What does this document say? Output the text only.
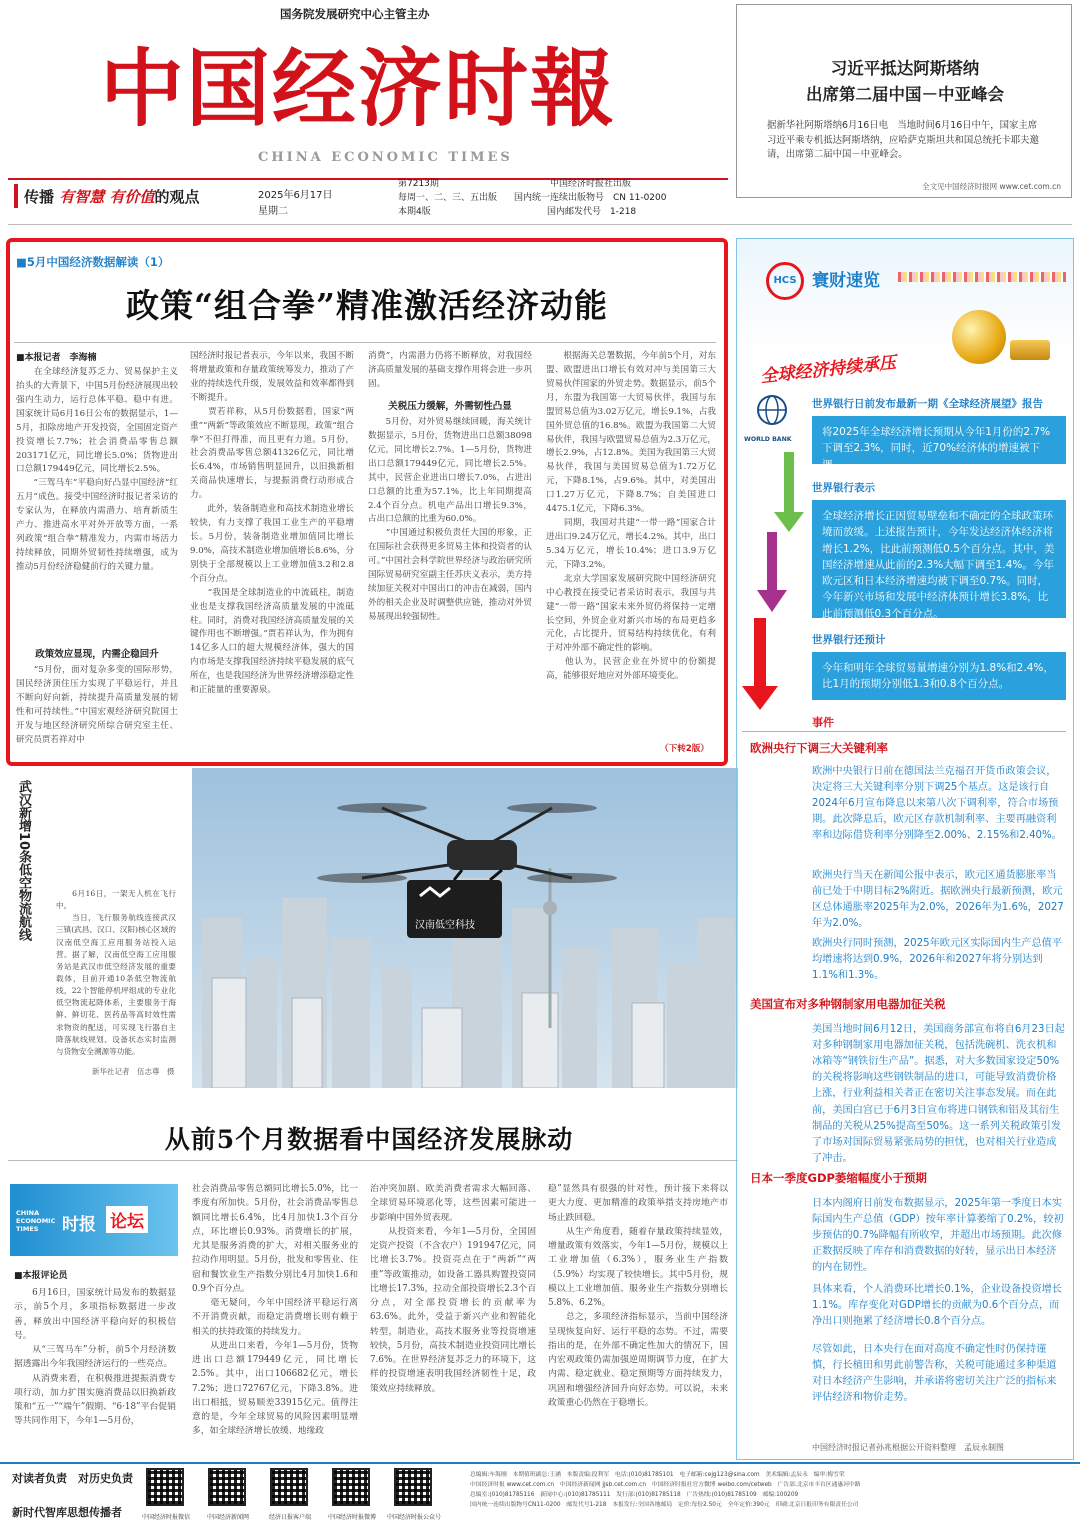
国务院发展研究中心主管主办
中国经济时報
CHINA ECONOMIC TIMES
习近平抵达阿斯塔纳
出席第二届中国－中亚峰会
据新华社阿斯塔纳6月16日电　当地时间6月16日中午，国家主席习近平乘专机抵达阿斯塔纳，应哈萨克斯坦共和国总统托卡耶夫邀请，出席第二届中国－中亚峰会。
全文见中国经济时报网 www.cet.com.cn
传播 有智慧 有价值的观点	2025年6月17日
星期二
第7213期
每周一、二、三、五出版
本期4版
中国经济时报社出版
国内统一连续出版物号　CN 11-0200
国内邮发代号　1-218
■5月中国经济数据解读（1）
政策“组合拳”精准激活经济动能
■本报记者　李海楠
　　在全球经济复苏乏力、贸易保护主义抬头的大背景下，中国5月份经济展现出较强内生动力，运行总体平稳、稳中有进。国家统计局6月16日公布的数据显示，1—5月，扣除房地产开发投资，全国固定资产投资增长7.7%；社会消费品零售总额203171亿元，同比增长5.0%；货物进出口总额179449亿元，同比增长2.5%。
　　“三驾马车”平稳向好凸显中国经济“红五月”成色。接受中国经济时报记者采访的专家认为，在释放内需潜力、培育新质生产力、推进高水平对外开放等方面，一系列政策“组合拳”精准发力，内需市场活力持续释放，同期外贸韧性持续增强，成为推动5月份经济稳健前行的关键力量。
政策效应显现，内需企稳回升
　　“5月份，面对复杂多变的国际形势，国民经济顶住压力实现了平稳运行，并且不断向好向新，持续提升高质量发展的韧性和可持续性。”中国宏观经济研究院国土开发与地区经济研究所综合研究室主任、研究员贾若祥对中
国经济时报记者表示，今年以来，我国不断将增量政策和存量政策统筹发力，推动了产业的持续迭代升级，发展效益和效率都得到不断提升。
　　贾若祥称，从5月份数据看，国家“两重”“两新”等政策效应不断显现，政策“组合拳”不但打得准，而且更有力道。5月份，社会消费品零售总额41326亿元，同比增长6.4%，市场销售明显回升，以旧换新相关商品快速增长，与提振消费行动形成合力。
　　此外，装备制造业和高技术制造业增长较快，有力支撑了我国工业生产的平稳增长。5月份，装备制造业增加值同比增长9.0%，高技术制造业增加值增长8.6%，分别快于全部规模以上工业增加值3.2和2.8个百分点。
　　“我国是全球制造业的中流砥柱，制造业也是支撑我国经济高质量发展的中流砥柱。同时，消费对我国经济高质量发展的关键作用也不断增强。”贾若祥认为，作为拥有14亿多人口的超大规模经济体，强大的国内市场是支撑我国经济持续平稳发展的底气所在，也是我国经济为世界经济增添稳定性和正能量的重要源泉。
消费”，内需潜力仍将不断释放，对我国经济高质量发展的基础支撑作用将会进一步巩固。
关税压力缓解，外需韧性凸显
　　5月份，对外贸易继续回暖，海关统计数据显示，5月份，货物进出口总额38098亿元，同比增长2.7%。1—5月份，货物进出口总额179449亿元，同比增长2.5%。其中，民营企业进出口增长7.0%，占进出口总额的比重为57.1%，比上年同期提高2.4个百分点。机电产品出口增长9.3%，占出口总额的比重为60.0%。
　　“中国通过积极负责任大国的形象，正在国际社会获得更多贸易主体和投资者的认可。”中国社会科学院世界经济与政治研究所国际贸易研究室副主任苏庆义表示，美方持续加征关税对中国出口的冲击在减弱，国内外的相关企业及时调整供应链，推动对外贸易展现出较强韧性。
　　根据海关总署数据，今年前5个月，对东盟、欧盟进出口增长有效对冲与美国第三大贸易伙伴国家的外贸走势。数据显示，前5个月，东盟为我国第一大贸易伙伴，我国与东盟贸易总值为3.02万亿元，增长9.1%，占我国外贸总值的16.8%。欧盟为我国第二大贸易伙伴，我国与欧盟贸易总值为2.3万亿元，增长2.9%，占12.8%。美国为我国第三大贸易伙伴，我国与美国贸易总值为1.72万亿元，下降8.1%，占9.6%。其中，对美国出口1.27万亿元，下降8.7%；自美国进口4475.1亿元，下降6.3%。
　　同期，我国对共建“一带一路”国家合计进出口9.24万亿元，增长4.2%。其中，出口5.34万亿元，增长10.4%；进口3.9万亿元，下降3.2%。
　　北京大学国家发展研究院中国经济研究中心教授在接受记者采访时表示，我国与共建“一带一路”国家未来外贸仍将保持一定增长空间，外贸企业对新兴市场的布局更趋多元化，占比提升，贸易结构持续优化，有利于对冲外部不确定性的影响。
　　他认为，民营企业在外贸中的份额提高，能够很好地应对外部环境变化。
（下转2版）
武汉新增10条低空物流航线	　　6月16日，一架无人机在飞行中。
　　当日，飞行服务航线连接武汉三镇(武昌、汉口、汉阳)核心区域的汉南低空海工应用服务站投入运营。据了解，汉南低空海工应用服务站是武汉市低空经济发展的重要载体，目前开通10条低空物流航线，22个智能停机坪组成的专业化低空物流起降体系，主要服务于海鲜、鲜切花、医药品等高时效性需求物资的配送，可实现飞行器自主降落航线规划、设备状态实时监测与货物安全溯源等功能。
新华社记者　伍志尊　摄
汉南低空科技
从前5个月数据看中国经济发展脉动
CHINA ECONOMIC TIMES	时报 论坛
■本报评论员
　　6月16日，国家统计局发布的数据显示，前5个月，多项指标数据进一步改善，释放出中国经济平稳向好的积极信号。
　　从“三驾马车”分析，前5个月经济数据透露出今年我国经济运行的一些亮点。
　　从消费来看，在积极推进提振消费专项行动，加力扩围实施消费品以旧换新政策和“五一”“端午”假期、“6·18”平台促销等共同作用下，今年1—5月份，
社会消费品零售总额同比增长5.0%，比一季度有所加快。5月份，社会消费品零售总额同比增长6.4%，比4月加快1.3个百分点，环比增长0.93%。消费增长的扩展，尤其是服务消费的扩大，对相关服务业的拉动作用明显。5月份，批发和零售业、住宿和餐饮业生产指数分别比4月加快1.6和0.9个百分点。
　　毫无疑问，今年中国经济平稳运行离不开消费贡献，而稳定消费增长则有赖于相关的扶持政策的持续发力。
　　从进出口来看，今年1—5月份，货物进出口总额179449亿元，同比增长2.5%。其中，出口106682亿元，增长7.2%；进口72767亿元，下降3.8%。进出口相抵，贸易顺差33915亿元。值得注意的是，今年全球贸易的风险因素明显增多，如全球经济增长放缓、地缘政
治冲突加剧、欧美消费者需求大幅回落、全球贸易环境恶化等，这些因素可能进一步影响中国外贸表现。
　　从投资来看，今年1—5月份，全国固定资产投资（不含农户）191947亿元，同比增长3.7%。投资亮点在于“两新”“两重”等政策推动，如设备工器具购置投资同比增长17.3%，拉动全部投资增长2.3个百分点，对全部投资增长的贡献率为63.6%。此外，受益于新兴产业和智能化转型，制造业，高技术服务业等投资增速较快，5月份，高技术制造业投资同比增长7.6%。在世界经济复苏乏力的环境下，这样的投资增速表明我国经济韧性十足，政策效应持续释放。
稳”显然具有很强的针对性，预计接下来将以更大力度、更加精准的政策举措支持房地产市场止跌回稳。
　　从生产角度看，随着存量政策持续显效，增量政策有效落实，今年1—5月份，规模以上工业增加值（6.3%），服务业生产指数（5.9%）均实现了较快增长。其中5月份，规模以上工业增加值、服务业生产指数分别增长5.8%、6.2%。
　　总之，多项经济指标显示，当前中国经济呈现恢复向好、运行平稳的态势。不过，需要指出的是，在外部不确定性加大的情况下，国内宏观政策仍需加强逆周期调节力度，在扩大内需、稳定就业、稳定预期等方面持续发力，巩固和增强经济回升向好态势。可以说，未来政策重心仍然在于稳增长。
HCS 寰财速览
全球经济持续承压
WORLD BANK
世界银行日前发布最新一期《全球经济展望》报告
将2025年全球经济增长预期从今年1月份的2.7%下调至2.3%，同时，近70%经济体的增速被下调。
世界银行表示
全球经济增长正因贸易壁垒和不确定的全球政策环境而放缓。上述报告预计，今年发达经济体经济将增长1.2%，比此前预测低0.5个百分点。其中，美国经济增速从此前的2.3%大幅下调至1.4%。今年欧元区和日本经济增速均被下调至0.7%。同时，今年新兴市场和发展中经济体预计增长3.8%，比此前预测低0.3个百分点。
世界银行还预计
今年和明年全球贸易量增速分别为1.8%和2.4%，比1月的预期分别低1.3和0.8个百分点。
事件
欧洲央行下调三大关键利率
欧洲中央银行日前在德国法兰克福召开货币政策会议，决定将三大关键利率分别下调25个基点。这是该行自2024年6月宣布降息以来第八次下调利率，符合市场预期。此次降息后，欧元区存款机制利率、主要再融资利率和边际借贷利率分别降至2.00%、2.15%和2.40%。
欧洲央行当天在新闻公报中表示，欧元区通货膨胀率当前已处于中期目标2%附近。据欧洲央行最新预测，欧元区总体通胀率2025年为2.0%，2026年为1.6%，2027年为2.0%。
欧洲央行同时预测，2025年欧元区实际国内生产总值平均增速将达到0.9%，2026年和2027年将分别达到1.1%和1.3%。
美国宣布对多种钢制家用电器加征关税
美国当地时间6月12日，美国商务部宣布将自6月23日起对多种钢制家用电器加征关税，包括洗碗机、洗衣机和冰箱等“钢铁衍生产品”。据悉，对大多数国家设定50%的关税将影响这些钢铁制品的进口，可能导致消费价格上涨，行业利益相关者正在密切关注事态发展。而在此前，美国白宫已于6月3日宣布将进口钢铁和铝及其衍生制品的关税从25%提高至50%。这一系列关税政策引发了市场对国际贸易紧张局势的担忧，也对相关行业造成了冲击。
日本一季度GDP萎缩幅度小于预期
日本内阁府日前发布数据显示，2025年第一季度日本实际国内生产总值（GDP）按年率计算萎缩了0.2%，较初步预估的0.7%降幅有所收窄，并超出市场预期。此次修正数据反映了库存和消费数据的好转，显示出日本经济的内在韧性。
具体来看，个人消费环比增长0.1%，企业设备投资增长1.1%。库存变化对GDP增长的贡献为0.6个百分点，而净出口则拖累了经济增长0.8个百分点。
尽管如此，日本央行在面对高度不确定性时仍保持谨慎，行长植田和男此前警告称，关税可能通过多种渠道对日本经济产生影响，并承诺将密切关注广泛的指标来评估经济和物价走势。
中国经济时报记者孙兆根据公开资料整理　孟辰永制图
对读者负责　对历史负责
新时代智库思想传播者	中国经济时报微信	中国经济新闻网	经济日报客户端	中国经济时报微博	中国经济时报公众号
总编辑:车海刚　本期值班副总:王涵　本版责编:段利军　电话:(010)81785101　电子邮箱:cejg123@sina.com　美术编辑:孟辰永　编审:梅雪荣
中国经济时报 www.cet.com.cn　中国经济新闻网 jjsb.cet.com.cn　中国经济时报社官方微博 weibo.com/cetweb　广告部:北京市丰台区通惠河中路
总编室:(010)81785116　新闻中心:(010)81785111　发行部:(010)81785118　广告热线:(010)81785109　邮编:100209
国内统一连续出版物号CN11-0200　邮发代号1-218　本报发行:全国各地邮局　定价:每份2.50元　全年定价:390元　印刷:北京日报印务有限责任公司
